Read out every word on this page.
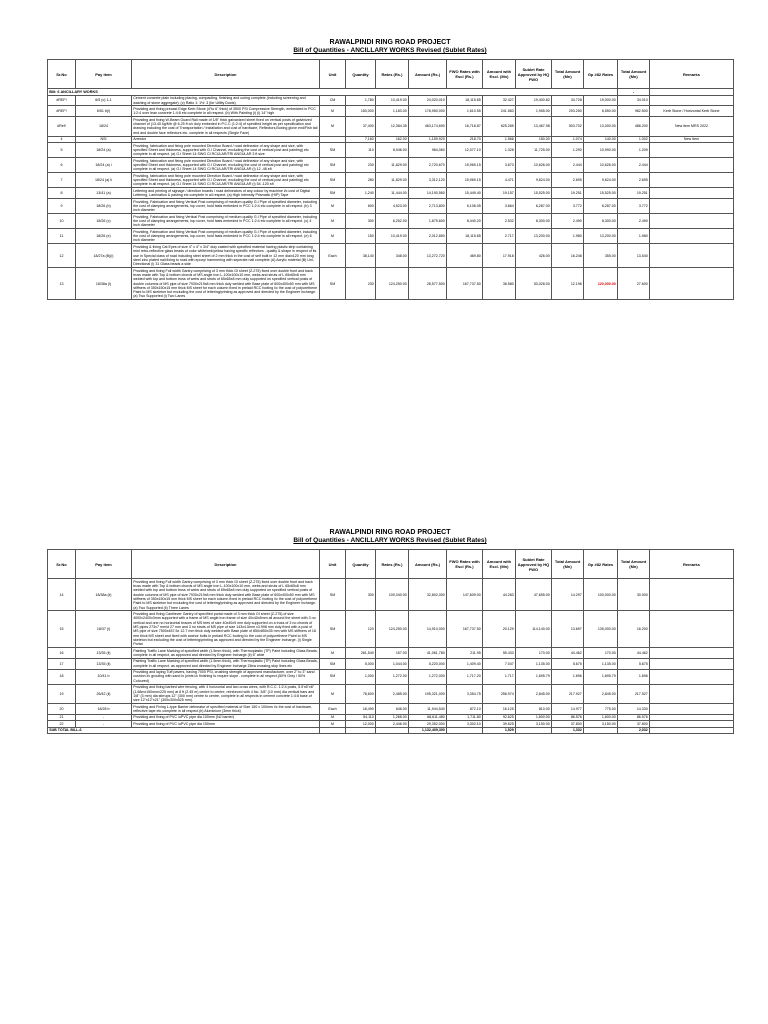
RAWALPINDI RING ROAD PROJECT
Bill of Quantities - ANCILLARY WORKS Revised (Sublet Rates)
Sr.No	Pay item	Description	Unit	Quantity	Rates (Rs.)	Amount (Rs.)	FWO Rates with Escl (Rs.)	Amount with Escl. (Mn)	Sublet Rate Approved by HQ FWO	Total Amount (Mn)	Gp #82 Rates	Total Amount (Mn)	Remarks
Bill: 6 ANCILLARY WORKS												-	
#REF!	6/5 (c) 1-1	Cement concrete plain including placing, compacting, finishing and curing complete (including screening and washing of stone aggregate): (c) Ratio 1: 1½: 3 (for Utility Ducts)	CM	1,780	13,419.00	24,020,010	18,115.65	32.427	19,400.82	34.728	19,000.00	34.010	
#REF!	6/51 b(i)	Providing and fixing precast Edge Kerb Stone (4"to 6" thick) of 3500 PSI Compressive Strength, embedded in PCC 1:2:4 over lean concrete 1:4:8 etc complete in all respect. (b) With Painting (i) (i) 14" high	M	150,000	1,183.00	178,950,000	1,610.55	241.583	1,955.00	293.250	6,550.00	982.500	Kerb Stone / Horizontal Kerb Stone
#Ref!	18/24	Providing and fixing W-Beam Guard Rail made of 1/8" thick galvanized sheet fixed on vertical posts of galvinized channel of (13.40 kg/Mtr @ 6.25 ft c/c duly embeded in P.C.C (1:2:4) of specified height as per specification and drawing including the cost of Transportation / Installation and cost of hardware, Reflectors,Boxing glove end/Fish tail end and double face reflectors etc. complete in all respects (Single Face)	M	37,400	12,384.35	463,174,690	16,718.87	625.285	13,467.98	503.702	13,000.00	486.200	New item MRS 2022
4	NSI	Arrestor		7,160	162.00	1,159,920	218.70	1.566	150.00	1.074	140.00	1.002	New Item
5	18/24 (a)	Providing, fabrication and fixing pole mounted Direction Board / road delineator of any shape and size, with specified Sheet and thickness, supported with G.I Channel, excluding the cost of vertical post and painting) etc complete in all respect. (a) G.I Sheet 14 SWG CI RCULAR/TRI ANGULAR 3 ft size	SM	110	8,946.00	984,060	12,077.10	1.328	11,725.00	1.290	10,990.00	1.209	
6	18/24 (a) i	Providing, fabrication and fixing pole mounted Direction Board / road delineator of any shape and size, with specified Sheet and thickness, supported with G.I Channel, excluding the cost of vertical post and painting) etc complete in all respect. (a) G.I Sheet 14 SWG CI RCULAR/TRI ANGULAR (i) 12 -48 sft	SM	230	11,829.00	2,720,670	15,969.15	3.673	10,626.00	2.444	10,626.00	2.444	
7	18/24 (a) ii	Providing, fabrication and fixing pole mounted Direction Board / road delineator of any shape and size, with specified Sheet and thickness, supported with G.I Channel, excluding the cost of vertical post and painting) etc complete in all respect. (a) G.I Sheet 14 SWG CI RCULAR/TRI ANGULAR (i) 54 -120 sft	SM	280	11,829.00	3,312,120	15,969.15	4.471	9,624.00	2.695	9,624.00	2.695	
8	13/41 (a)	Lettering and printing of signage / direction boards / road delineators of any colour by machine i/c cost of Digital Lettering, Lamination & pasting etc complete in all respect. (a) High Intensity Prismatic (HIP) Tape	SM	1,240	11,444.00	14,190,560	15,449.40	19.157	15,525.00	19.251	15,525.00	19.251	
9	18/26 (b)	Providing, Fabrication and fixing Vertical Post comprising of medium quality G.I Pipe of specified diameter, including the cost of clamping arrangements, top cover, hold fasts embeded in PCC 1:2:4 etc complete in all respect. (b) 3 inch diameter	M	600	4,523.00	2,713,800	6,106.05	3.664	6,287.00	3.772	6,287.00	3.772	
10	18/26 (c)	Providing, Fabrication and fixing Vertical Post comprising of medium quality G.I Pipe of specified diameter, including the cost of clamping arrangements, top cover, hold fasts embeded in PCC 1:2:4 etc complete in all respect. (c) 4 inch diameter	M	300	6,252.00	1,875,600	8,440.20	2.532	8,300.00	2.490	8,300.00	2.490	
11	18/26 (e)	Providing, Fabrication and fixing Vertical Post comprising of medium quality G.I Pipe of specified diameter, including the cost of clamping arrangements, top cover, hold fasts embeded in PCC 1:2:4 etc complete in all respect. (e) 6 inch diameter	M	150	13,419.00	2,012,850	18,115.65	2.717	13,200.00	1.980	13,200.00	1.980	
12	18/27a (B)(i)	Providing & fixing Cat Eyes of size 4" x 4" x 3/4" duly casted with specified material having plastic strip containing mini retro-reflective glass beads of color white/red/yellow having specific reflectors , quality & shape in respect of its use in Special class of road including steel sheet of 2 mm thick in the cost of self built in 12 mm dia/x120 mm long steel zinc plated nail,fixing to road with epoxy/ hammering with seperate nail complete (A) Acrylic material (B) Uni-Directional (i) 31 Glass beads a side	Each	38,140	348.00	13,272,720	469.80	17.918	426.00	16.248	355.00	13.540	
13	18/38a (i)	Providing and fixing Full width Gantry comprising of 3 mm thick GI sheet (Z-275) fixed over double front and back truss made with Top & bottom chords of MS angle iron L-100x100x10 mm, webs and struts of L 65x65x8 mm welded with top and bottom truss of webs and struts of 65x65x8 mm duly supported on specified vertical posts of double columns of MS pipe of size 7930x219x8 mm thick duly welded with Base plate of 600x400x50 mm with MS stiffners of 350x150x15 mm thick MS sheet for each column fixed in prelaid RCC footing i/c the cost of polyurethene Paint to MS skeleton but excluding the cost of lettering/printing as approved and directed by the Engineer incharge. (a) Two Supported (i) Two Lanes	SM	230	124,250.00	28,577,500	167,737.50	38.580	53,028.00	12.196	120,000.00	27.600	
RAWALPINDI RING ROAD PROJECT
Bill of Quantities - ANCILLARY WORKS Revised (Sublet Rates)
Sr.No	Pay item	Description	Unit	Quantity	Rates (Rs.)	Amount (Rs.)	FWO Rates with Escl (Rs.)	Amount with Escl. (Mn)	Sublet Rate Approved by HQ FWO	Total Amount (Mn)	Gp #82 Rates	Total Amount (Mn)	Remarks
14	18/38a (ii)	Providing and fixing Full width Gantry comprising of 3 mm thick GI sheet (Z-275) fixed over double front and back truss made with Top & bottom chords of MS angle iron L-100x100x10 mm, webs and struts of L 65x65x8 mm welded with top and bottom truss of webs and struts of 65x65x8 mm duly supported on specified vertical posts of double columns of MS pipe of size 7930x219x8 mm thick duly welded with Base plate of 600x400x50 mm with MS stiffners of 350x150x15 mm thick MS sheet for each column fixed in prelaid RCC footing i/c the cost of polyurethene Paint to MS skeleton but excluding the cost of lettering/printing as approved and directed by the Engineer incharge. (a) Two Supported (ii) Three Lanes	SM	300	109,340.00	32,802,000	147,609.00	44.283	47,655.00	14.297	100,000.00	30.000	
15	18/37 (i)	Providing and fixing Cantilever Gantry of specified portal made of 3 mm thick GI sheet (Z-275) of size 4000x2400x3mm supported with a frame of MS angle iron frame of size 40x40x5mm all around the sheet with 3 no vertical and one no horizontal braces of MS tees of size 40x40x5 mm duly supported on a truss of 3 no chords of MS pipes 273x7 mm/d 27 mm and 3 no struts of MS pipe of size 143x4.5mm x3.998 mm duly fixed with a post of MS pipe of size 7500x457.5x 12.7 mm thick duly welded with Base plate of 850x850x35 mm with MS stiffners of 18 mm thick MS sheet and fixed with anchor bolts in prelaid RCC footing i/c the cost of polyurethene Paint to MS skeleton but excluding the cost of lettering/printing as approved and directed by the Engineer Incharge. (i) Single Portal	SM	120	124,250.00	14,910,000	167,737.50	20.129	114,140.00	13.697	135,000.00	16.200	
16	13/35 (ii)	Painting Traffic Lane Marking of specified width (1.5mm thick), with Thermoplastic (TP) Paint including Glass Beads, complete in all respect, as approved and directed by Engineer Incharge (ii) 6" wide	M	261,540	157.00	41,061,780	211.95	55.433	170.00	44.462	170.00	44.462	
17	13/35 (ii)	Painting Traffic Lane Marking of specified width (1.5mm thick), with Thermoplastic (TP) Paint including Glass Beads, complete in all respect, as approved and directed by Engineer Incharge Zibra crossing,stop lines etc	SM	5,000	1,044.00	5,220,000	1,409.40	7.047	1,135.00	5.675	1,135.00	5.675	
18	10/41 b	Providing and laying Tuff pavers, having 7000 PSI, crushing strength of approved manufacturer, over 2" to 3" sand cushion i/c grouting with sand in joints i/c finishing to require slope . complete in all respect.(50% Grey / 50% Coloured)	SM	1,000	1,272.00	1,272,000	1,717.20	1.717	1,695.79	1.696	1,695.79	1.696	
19	26/42 (ii)	Providing and fixing barbed wire fencing, with 4 horizontal and two cross wires, with R.C.C. 1:2:4 posts, 5.5'x6"x6" (1.68mx150mmx225 mm) at 8 ft (2.45 m) centre to centre, reinforced with 4 No. 3/8" (10 mm) dia vertical bars and 1/8" (3 mm) dia stirrups 12" (300 mm) centre to centre, complete in all respects in cement concrete 1:4:8 base of size 12"x12"x21" (300x300x525 mm).	M	78,600	2,485.00	195,321,000	3,354.75	256.974	2,845.00	217.927	2,845.00	217.927	
20	18/28 b	Providing and Fixing L-type Barrier delineator of specified material of Size 150 x 100mm i/c the cost of hardware, reflective tape etc complete in all respect.(b) Aluminium (3mm thick)	Each	18,490	646.00	11,944,540	872.10	16.125	810.00	14.977	775.00	14.330	
21	-	Providing and fixing of PVC /uPVC pipe dia 100mm (NJ barrier)	M	54,110	1,268.00	68,611,480	1,711.80	92.625	1,600.00	86.576	1,600.00	86.576	
22	-	Providing and fixing of PVC /uPVC pipe dia 150mm	M	12,000	2,446.00	29,352,000	3,302.10	39.625	3,150.00	37.800	3,150.00	37.800	
SUB TOTAL BILL-6						1,132,409,300		1,529		1,332		2,032	
